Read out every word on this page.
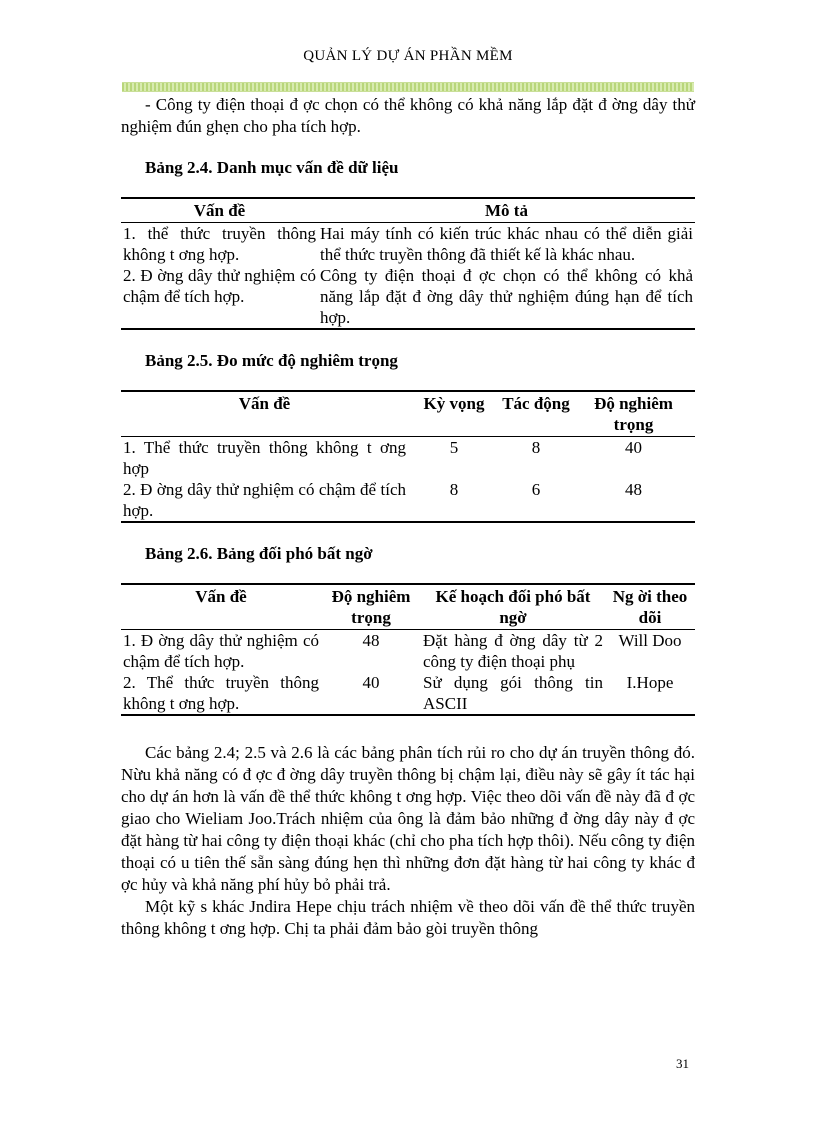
QUẢN LÝ DỰ ÁN PHẦN MỀM

- Công ty điện thoại đ ợc chọn có thể không có khả năng lắp đặt đ ờng dây thử nghiệm đún ghẹn cho pha tích hợp.

Bảng 2.4. Danh mục vấn đề dữ liệu

Vấn đề	Mô tả
1. thể thức truyền thông không t ơng hợp.	Hai máy tính có kiến trúc khác nhau có thể diễn giải thể thức truyền thông đã thiết kế là khác nhau.
2. Đ ờng dây thử nghiệm có chậm để tích hợp.	Công ty điện thoại đ ợc chọn có thể không có khả năng lắp đặt đ ờng dây thử nghiệm đúng hạn để tích hợp.

Bảng 2.5. Đo mức độ nghiêm trọng

Vấn đề	Kỳ vọng	Tác động	Độ nghiêm trọng
1. Thể thức truyền thông không t ơng hợp	5	8	40
2. Đ ờng dây thử nghiệm có chậm để tích hợp.	8	6	48

Bảng 2.6. Bảng đối phó bất ngờ

Vấn đề	Độ nghiêm trọng	Kế hoạch đối phó bất ngờ	Ng ời theo dõi
1. Đ ờng dây thử nghiệm có chậm để tích hợp.	48	Đặt hàng đ ờng dây từ 2 công ty điện thoại phụ	Will Doo
2. Thể thức truyền thông không t ơng hợp.	40	Sử dụng gói thông tin ASCII	I.Hope

Các bảng 2.4; 2.5 và 2.6 là các bảng phân tích rủi ro cho dự án truyền thông đó. Nừu khả năng có đ ợc đ ờng dây truyền thông bị chậm lại, điều này sẽ gây ít tác hại cho dự án hơn là vấn đề thể thức không t ơng hợp. Việc theo dõi vấn đề này đã đ ợc giao cho Wieliam Joo.Trách nhiệm của ông là đảm bảo những đ ờng dây này đ ợc đặt hàng từ hai công ty điện thoại khác (chỉ cho pha tích hợp thôi). Nếu công ty điện thoại có u tiên thế sẵn sàng đúng hẹn thì những đơn đặt hàng từ hai công ty khác đ ợc hủy và khả năng phí hủy bỏ phải trả.

Một kỹ s khác Jndira Hepe chịu trách nhiệm về theo dõi vấn đề thể thức truyền thông không t ơng hợp. Chị ta phải đảm bảo gòi truyền thông

31
